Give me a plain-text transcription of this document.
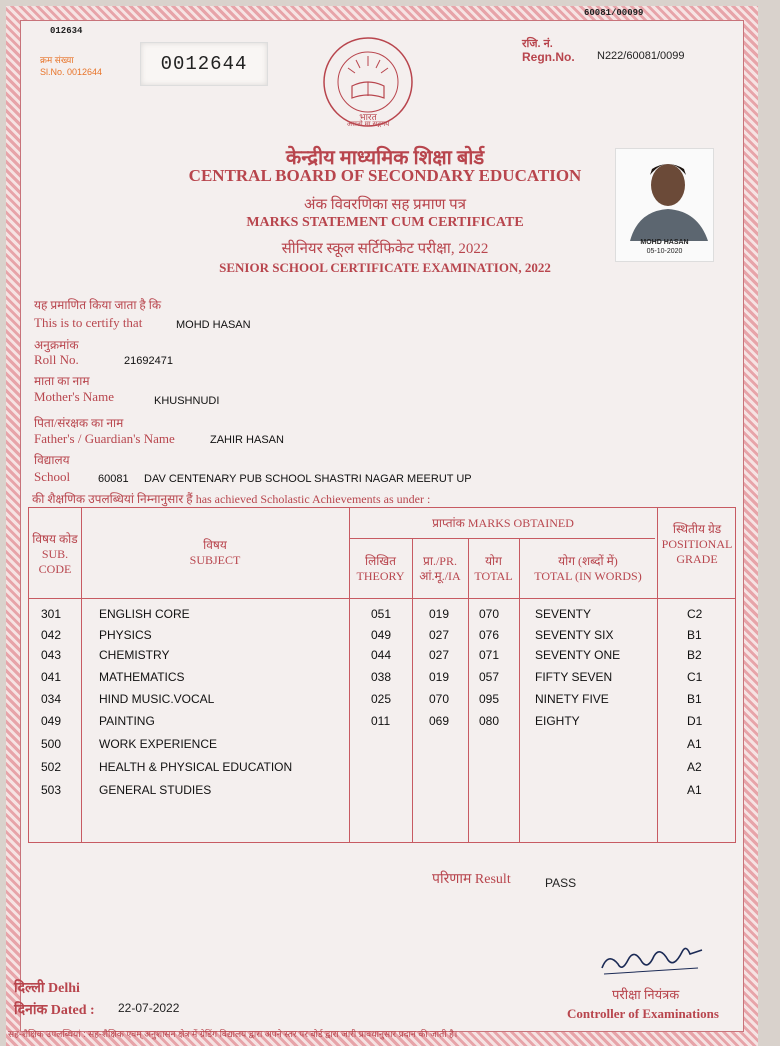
60081/00099
012634
क्रम संख्या
Sl.No. 0012644	0012644
भारत
असतो मा सद्गमय
रजि. नं.
Regn.No. N222/60081/0099
केन्द्रीय माध्यमिक शिक्षा बोर्ड
CENTRAL BOARD OF SECONDARY EDUCATION
अंक विवरणिका सह प्रमाण पत्र
MARKS STATEMENT CUM CERTIFICATE
सीनियर स्कूल सर्टिफिकेट परीक्षा, 2022
SENIOR SCHOOL CERTIFICATE EXAMINATION, 2022
MOHD HASAN
05-10-2020
यह प्रमाणित किया जाता है कि
This is to certify that	MOHD HASAN
अनुक्रमांक
Roll No.	21692471
माता का नाम
Mother's Name	KHUSHNUDI
पिता/संरक्षक का नाम
Father's / Guardian's Name	ZAHIR HASAN
विद्यालय
School	60081 DAV CENTENARY PUB SCHOOL SHASTRI NAGAR MEERUT UP
की शैक्षणिक उपलब्धियां निम्नानुसार हैं has achieved Scholastic Achievements as under :
विषय कोड
SUB.
CODE
विषय
SUBJECT
प्राप्तांक MARKS OBTAINED
लिखित
THEORY
प्रा./PR.
आं.मू./IA
योग
TOTAL
योग (शब्दों में)
TOTAL (IN WORDS)
स्थितीय ग्रेड
POSITIONAL
GRADE
301	ENGLISH CORE	051	019 070	SEVENTY	C2
042	PHYSICS	049	027 076	SEVENTY SIX	B1
043	CHEMISTRY	044	027 071	SEVENTY ONE	B2
041	MATHEMATICS	038	019 057	FIFTY SEVEN	C1
034	HIND MUSIC.VOCAL	025	070 095	NINETY FIVE	B1
049	PAINTING	011	069 080	EIGHTY	D1
500	WORK EXPERIENCE	A1
502	HEALTH & PHYSICAL EDUCATION	A2
503	GENERAL STUDIES	A1
परिणाम Result	PASS
परीक्षा नियंत्रक
Controller of Examinations
दिल्ली Delhi
दिनांक Dated : 22-07-2022
सह-शैक्षिक उपलब्धियां : सह-शैक्षिक एवम् अनुशासन क्षेत्र में ग्रेडिंग विद्यालय द्वारा अपने स्तर पर बोर्ड द्वारा जारी प्रावधानुसार प्रदान की जाती है।
